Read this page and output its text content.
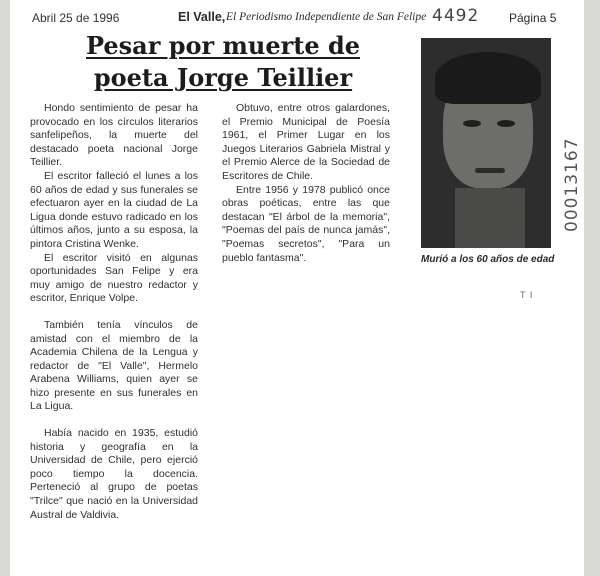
Abril 25 de 1996	El Valle, El Periodismo Independiente de San Felipe 4492 Página 5
Pesar por muerte de
poeta Jorge Teillier

Hondo sentimiento de pesar ha provocado en los círculos literarios sanfelipeños, la muerte del destacado poeta nacional Jorge Teillier.

El escritor falleció el lunes a los 60 años de edad y sus funerales se efectuaron ayer en la ciudad de La Ligua donde estuvo radicado en los últimos años, junto a su esposa, la pintora Cristina Wenke.

El escritor visitó en algunas oportunidades San Felipe y era muy amigo de nuestro redactor y escritor, Enrique Volpe.

También tenía vínculos de amistad con el miembro de la Academia Chilena de la Lengua y redactor de "El Valle", Hermelo Arabena Williams, quien ayer se hizo presente en sus funerales en La Ligua.

Había nacido en 1935, estudió historia y geografía en la Universidad de Chile, pero ejerció poco tiempo la docencia. Perteneció al grupo de poetas "Trilce" que nació en la Universidad Austral de Valdivia.

Obtuvo, entre otros galardones, el Premio Municipal de Poesía 1961, el Primer Lugar en los Juegos Literarios Gabriela Mistral y el Premio Alerce de la Sociedad de Escritores de Chile.

Entre 1956 y 1978 publicó once obras poéticas, entre las que destacan "El árbol de la memoria", "Poemas del país de nunca jamás", "Poemas secretos", "Para un pueblo fantasma".	Murió a los 60 años de edad
00013167
T I
